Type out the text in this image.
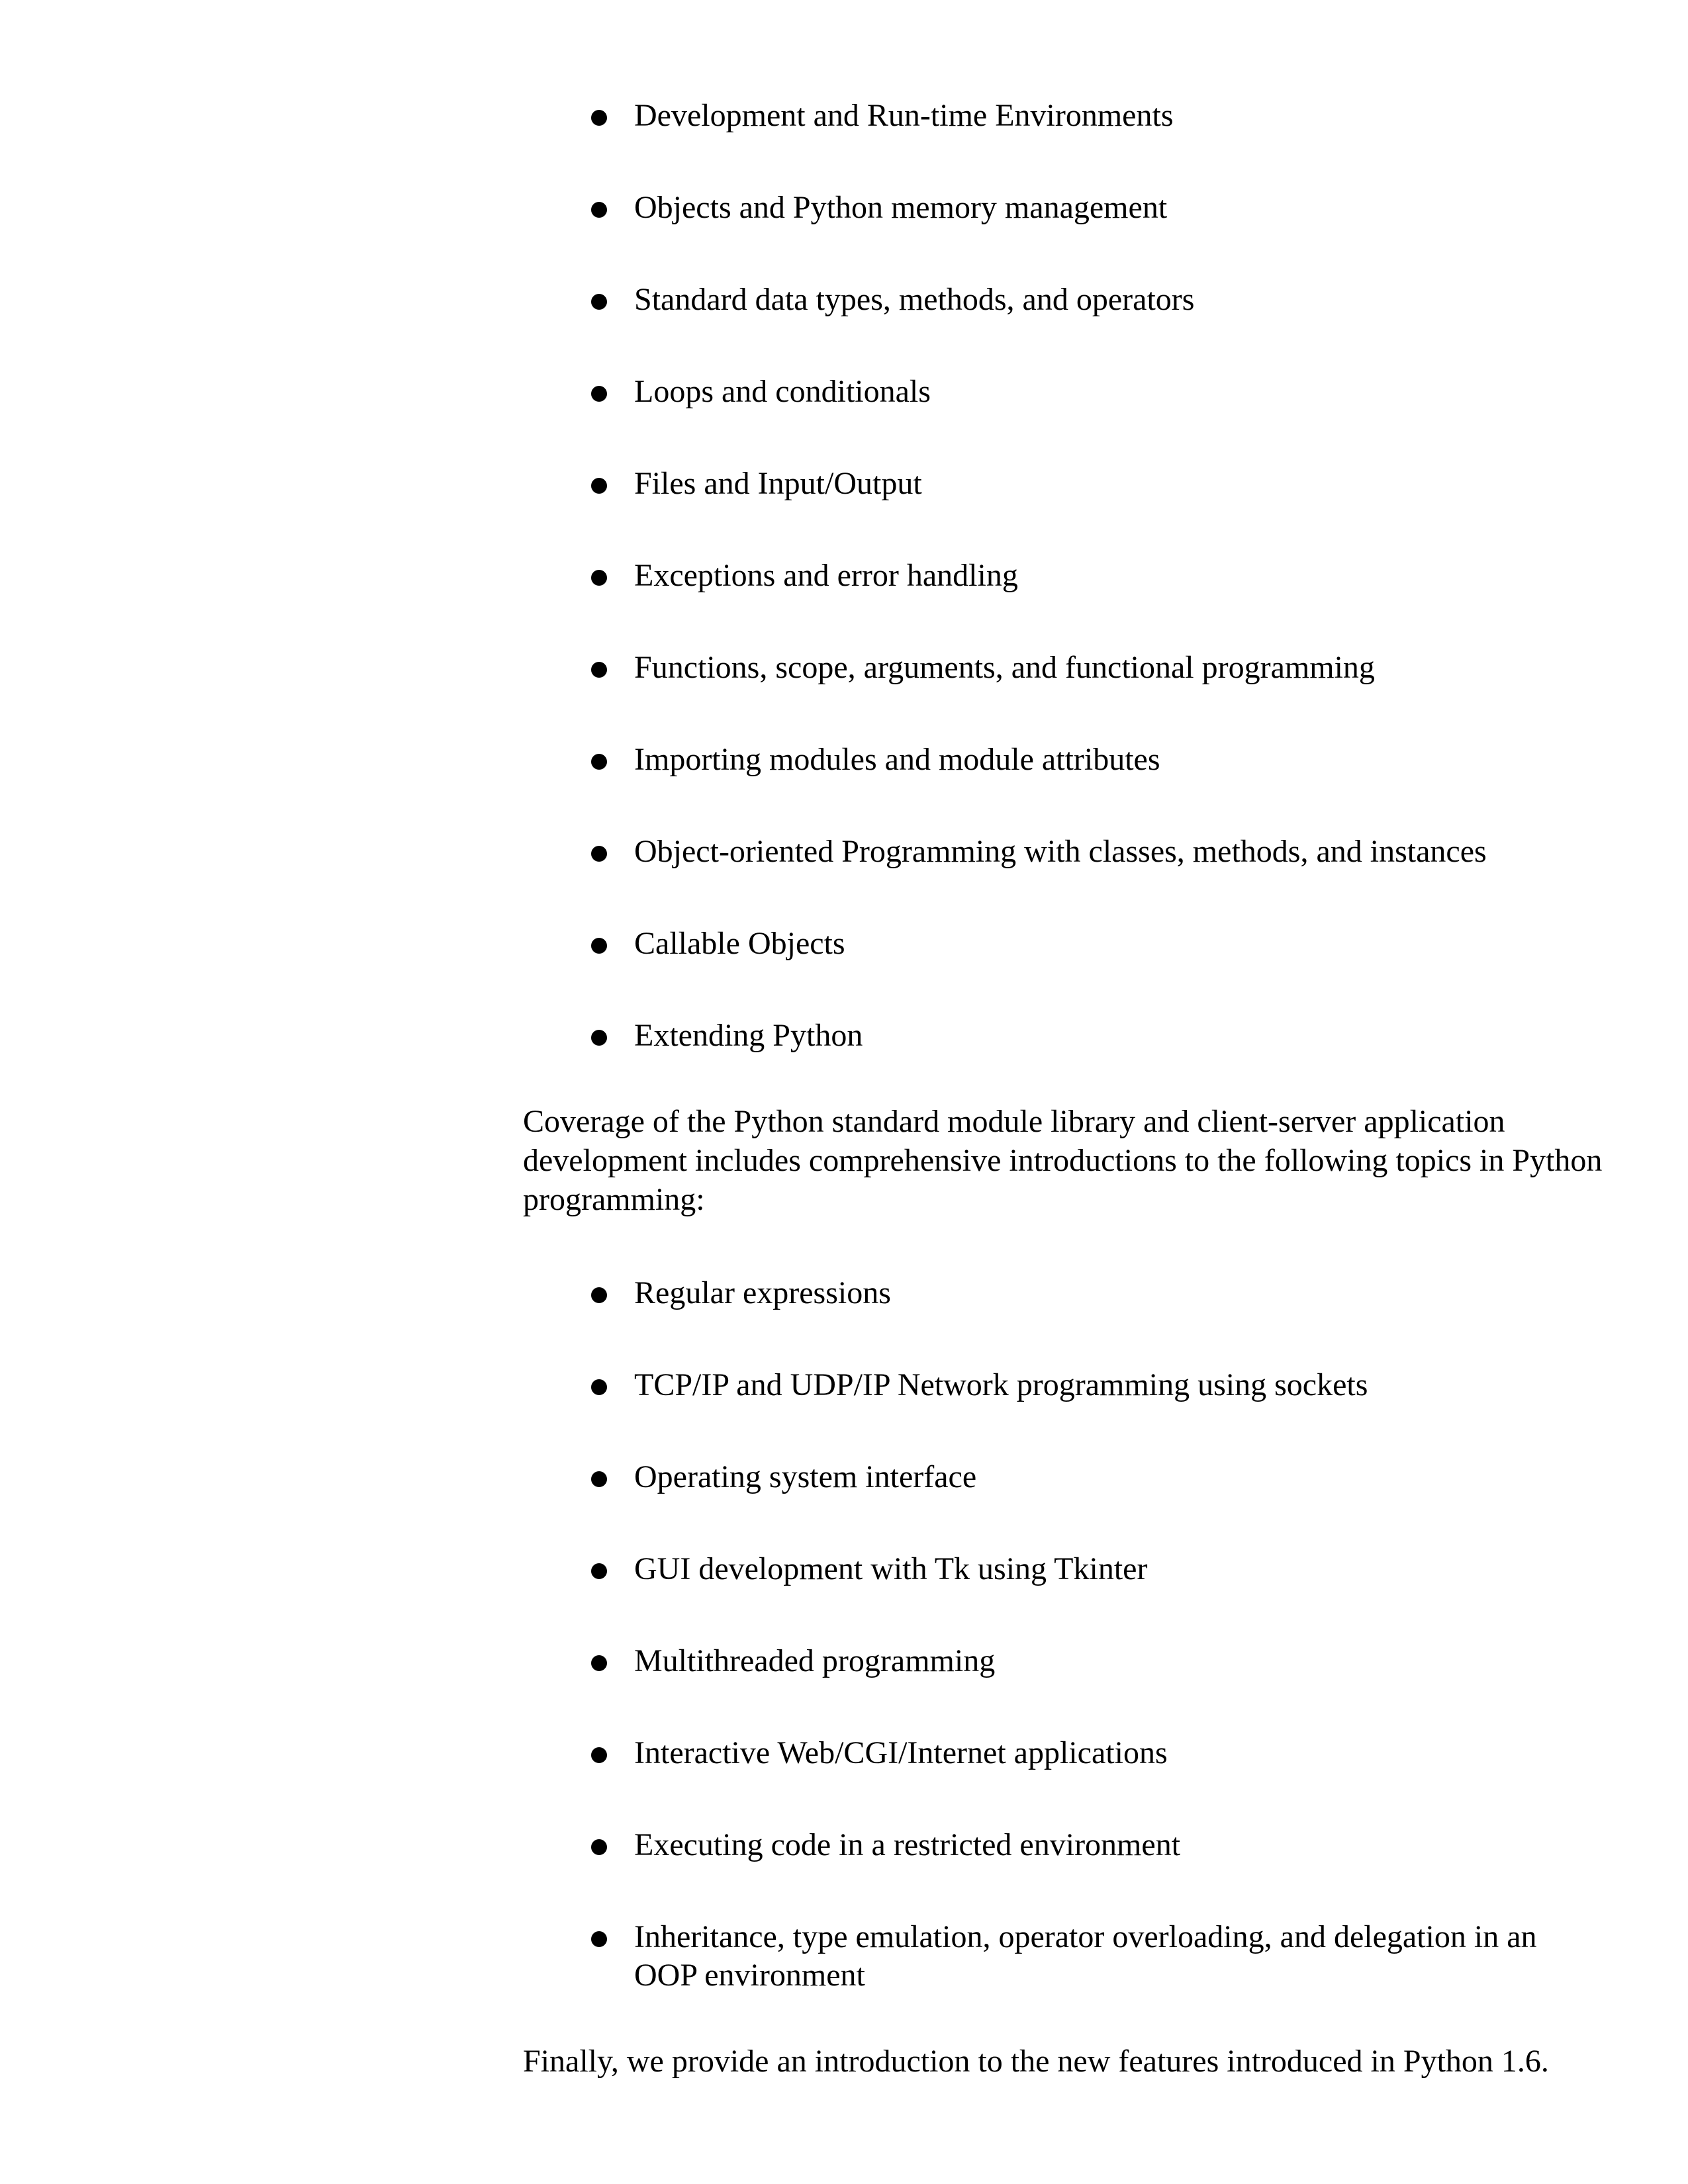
Development and Run-time Environments
Objects and Python memory management
Standard data types, methods, and operators
Loops and conditionals
Files and Input/Output
Exceptions and error handling
Functions, scope, arguments, and functional programming
Importing modules and module attributes
Object-oriented Programming with classes, methods, and instances
Callable Objects
Extending Python

Coverage of the Python standard module library and client-server application development includes comprehensive introductions to the following topics in Python programming:

Regular expressions
TCP/IP and UDP/IP Network programming using sockets
Operating system interface
GUI development with Tk using Tkinter
Multithreaded programming
Interactive Web/CGI/Internet applications
Executing code in a restricted environment
Inheritance, type emulation, operator overloading, and delegation in an OOP environment

Finally, we provide an introduction to the new features introduced in Python 1.6.
